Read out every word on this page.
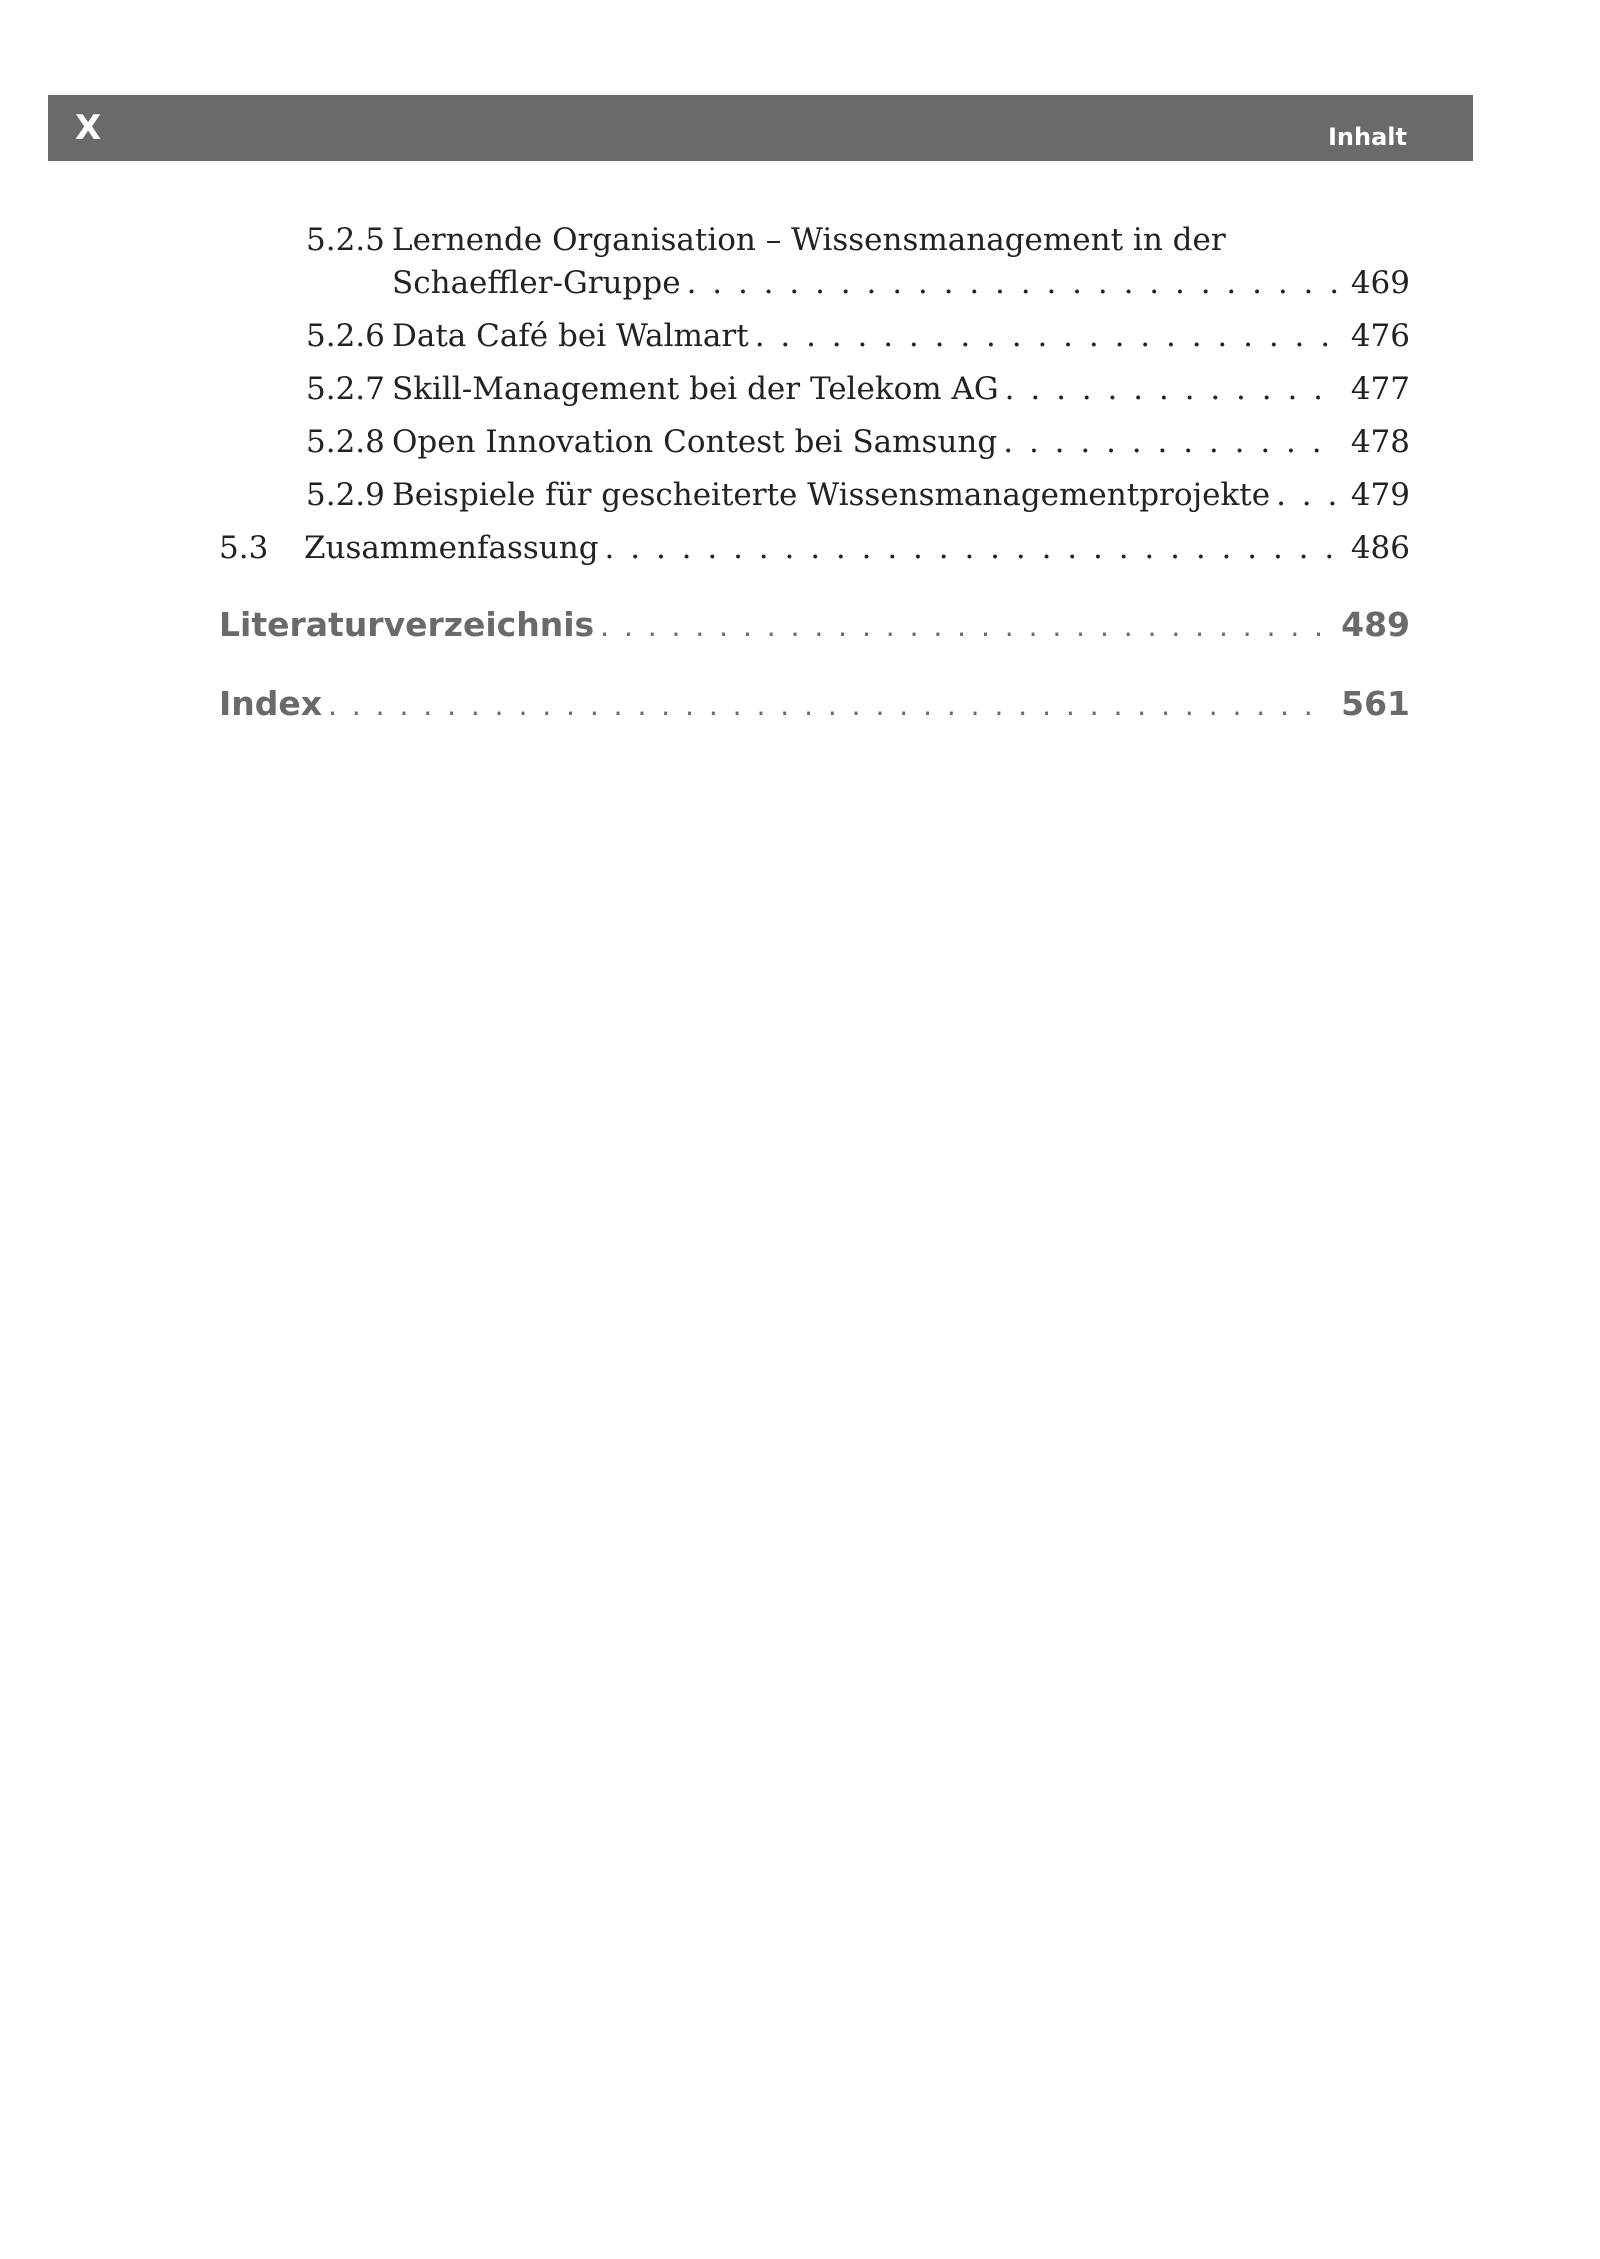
X	Inhalt
5.2.5 Lernende Organisation – Wissensmanagement in der
Schaeffler-Gruppe . . .	469
5.2.6 Data Café bei Walmart . . .	476
5.2.7 Skill-Management bei der Telekom AG . . .	477
5.2.8 Open Innovation Contest bei Samsung . . .	478
5.2.9 Beispiele für gescheiterte Wissensmanagementprojekte . . .	479
5.3 Zusammenfassung . . .	486
Literaturverzeichnis . . .	489
Index . . .	561
